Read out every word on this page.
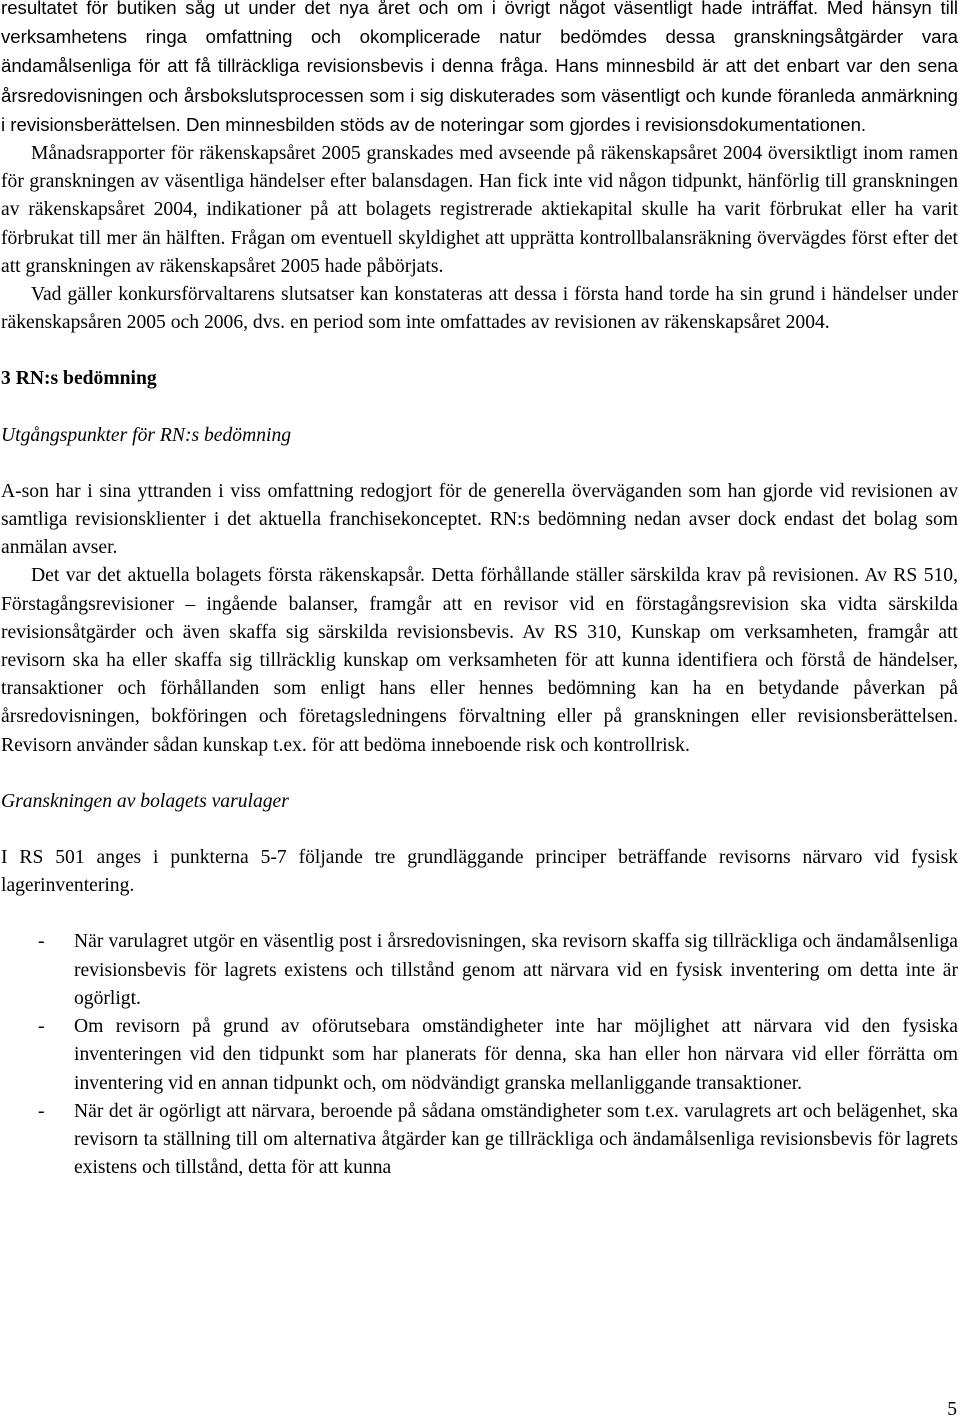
resultatet för butiken såg ut under det nya året och om i övrigt något väsentligt hade inträffat. Med hänsyn till verksamhetens ringa omfattning och okomplicerade natur bedömdes dessa granskningsåtgärder vara ändamålsenliga för att få tillräckliga revisionsbevis i denna fråga. Hans minnesbild är att det enbart var den sena årsredovisningen och årsbokslutsprocessen som i sig diskuterades som väsentligt och kunde föranleda anmärkning i revisionsberättelsen. Den minnesbilden stöds av de noteringar som gjordes i revisionsdokumentationen.

Månadsrapporter för räkenskapsåret 2005 granskades med avseende på räkenskapsåret 2004 översiktligt inom ramen för granskningen av väsentliga händelser efter balansdagen. Han fick inte vid någon tidpunkt, hänförlig till granskningen av räkenskapsåret 2004, indikationer på att bolagets registrerade aktiekapital skulle ha varit förbrukat eller ha varit förbrukat till mer än hälften. Frågan om eventuell skyldighet att upprätta kontrollbalansräkning övervägdes först efter det att granskningen av räkenskapsåret 2005 hade påbörjats.

Vad gäller konkursförvaltarens slutsatser kan konstateras att dessa i första hand torde ha sin grund i händelser under räkenskapsåren 2005 och 2006, dvs. en period som inte omfattades av revisionen av räkenskapsåret 2004.

3 RN:s bedömning

Utgångspunkter för RN:s bedömning

A-son har i sina yttranden i viss omfattning redogjort för de generella överväganden som han gjorde vid revisionen av samtliga revisionsklienter i det aktuella franchisekonceptet. RN:s bedömning nedan avser dock endast det bolag som anmälan avser.

Det var det aktuella bolagets första räkenskapsår. Detta förhållande ställer särskilda krav på revisionen. Av RS 510, Förstagångsrevisioner – ingående balanser, framgår att en revisor vid en förstagångsrevision ska vidta särskilda revisionsåtgärder och även skaffa sig särskilda revisionsbevis. Av RS 310, Kunskap om verksamheten, framgår att revisorn ska ha eller skaffa sig tillräcklig kunskap om verksamheten för att kunna identifiera och förstå de händelser, transaktioner och förhållanden som enligt hans eller hennes bedömning kan ha en betydande påverkan på årsredovisningen, bokföringen och företagsledningens förvaltning eller på granskningen eller revisionsberättelsen. Revisorn använder sådan kunskap t.ex. för att bedöma inneboende risk och kontrollrisk.

Granskningen av bolagets varulager

I RS 501 anges i punkterna 5-7 följande tre grundläggande principer beträffande revisorns närvaro vid fysisk lagerinventering.

- När varulagret utgör en väsentlig post i årsredovisningen, ska revisorn skaffa sig tillräckliga och ändamålsenliga revisionsbevis för lagrets existens och tillstånd genom att närvara vid en fysisk inventering om detta inte är ogörligt.
- Om revisorn på grund av oförutsebara omständigheter inte har möjlighet att närvara vid den fysiska inventeringen vid den tidpunkt som har planerats för denna, ska han eller hon närvara vid eller förrätta om inventering vid en annan tidpunkt och, om nödvändigt granska mellanliggande transaktioner.
- När det är ogörligt att närvara, beroende på sådana omständigheter som t.ex. varulagrets art och belägenhet, ska revisorn ta ställning till om alternativa åtgärder kan ge tillräckliga och ändamålsenliga revisionsbevis för lagrets existens och tillstånd, detta för att kunna
5
